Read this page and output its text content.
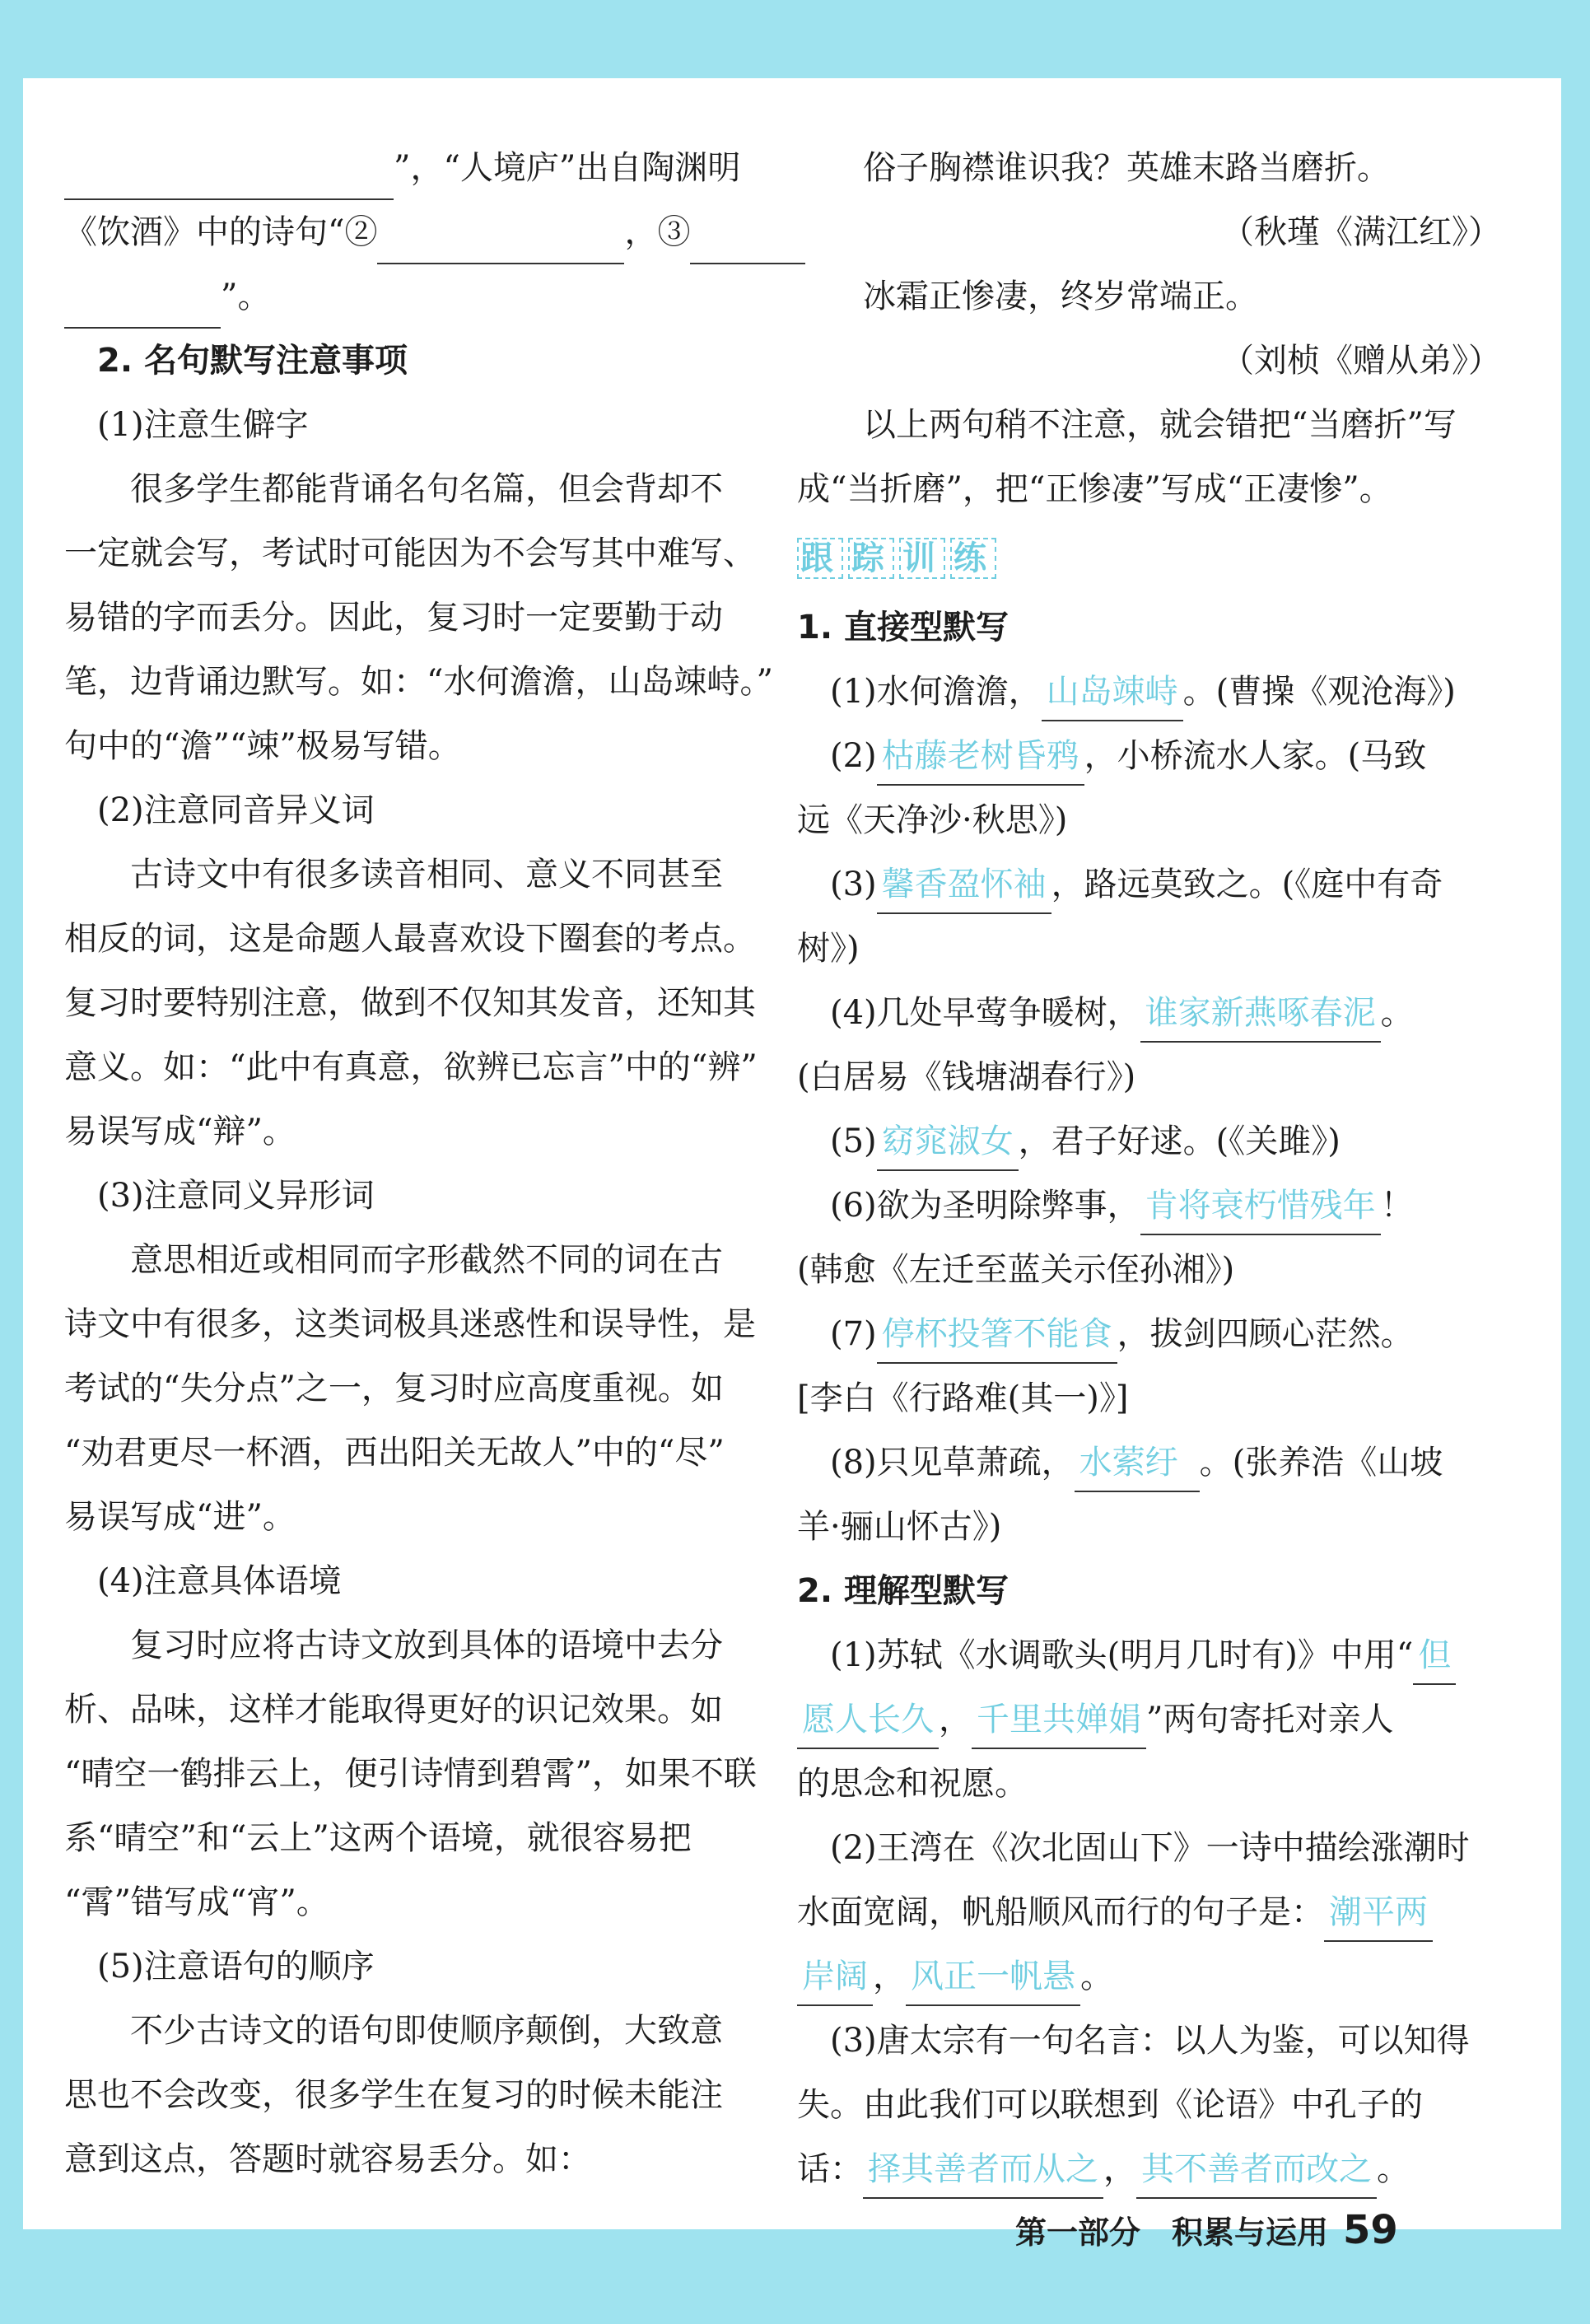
”，“人境庐”出自陶渊明
《饮酒》中的诗句“②	，③
”。
2. 名句默写注意事项
(1)注意生僻字
很多学生都能背诵名句名篇，但会背却不
一定就会写，考试时可能因为不会写其中难写、
易错的字而丢分。因此，复习时一定要勤于动
笔，边背诵边默写。如：“水何澹澹，山岛竦峙。”
句中的“澹”“竦”极易写错。
(2)注意同音异义词
古诗文中有很多读音相同、意义不同甚至
相反的词，这是命题人最喜欢设下圈套的考点。
复习时要特别注意，做到不仅知其发音，还知其
意义。如：“此中有真意，欲辨已忘言”中的“辨”
易误写成“辩”。
(3)注意同义异形词
意思相近或相同而字形截然不同的词在古
诗文中有很多，这类词极具迷惑性和误导性，是
考试的“失分点”之一，复习时应高度重视。如
“劝君更尽一杯酒，西出阳关无故人”中的“尽”
易误写成“进”。
(4)注意具体语境
复习时应将古诗文放到具体的语境中去分
析、品味，这样才能取得更好的识记效果。如
“晴空一鹤排云上，便引诗情到碧霄”，如果不联
系“晴空”和“云上”这两个语境，就很容易把
“霄”错写成“宵”。
(5)注意语句的顺序
不少古诗文的语句即使顺序颠倒，大致意
思也不会改变，很多学生在复习的时候未能注
意到这点，答题时就容易丢分。如：
俗子胸襟谁识我？英雄末路当磨折。
（秋瑾《满江红》）
冰霜正惨凄，终岁常端正。
（刘桢《赠从弟》）
以上两句稍不注意，就会错把“当磨折”写
成“当折磨”，把“正惨凄”写成“正凄惨”。
跟 踪 训 练
1. 直接型默写
(1)水何澹澹， 山岛竦峙 。(曹操《观沧海》)
(2) 枯藤老树昏鸦 ，小桥流水人家。(马致
远《天净沙·秋思》)
(3) 馨香盈怀袖 ，路远莫致之。(《庭中有奇
树》)
(4)几处早莺争暖树， 谁家新燕啄春泥 。
(白居易《钱塘湖春行》)
(5) 窈窕淑女 ，君子好逑。(《关雎》)
(6)欲为圣明除弊事， 肯将衰朽惜残年 ！
(韩愈《左迁至蓝关示侄孙湘》)
(7) 停杯投箸不能食 ，拔剑四顾心茫然。
[李白《行路难(其一)》]
(8)只见草萧疏， 水萦纡 。(张养浩《山坡
羊·骊山怀古》)
2. 理解型默写
(1)苏轼《水调歌头(明月几时有)》中用“ 但
愿人长久 ， 千里共婵娟 ”两句寄托对亲人
的思念和祝愿。
(2)王湾在《次北固山下》一诗中描绘涨潮时
水面宽阔，帆船顺风而行的句子是： 潮平两
岸阔 ， 风正一帆悬 。
(3)唐太宗有一句名言：以人为鉴，可以知得
失。由此我们可以联想到《论语》中孔子的
话： 择其善者而从之 ， 其不善者而改之 。
第一部分　积累与运用 59
